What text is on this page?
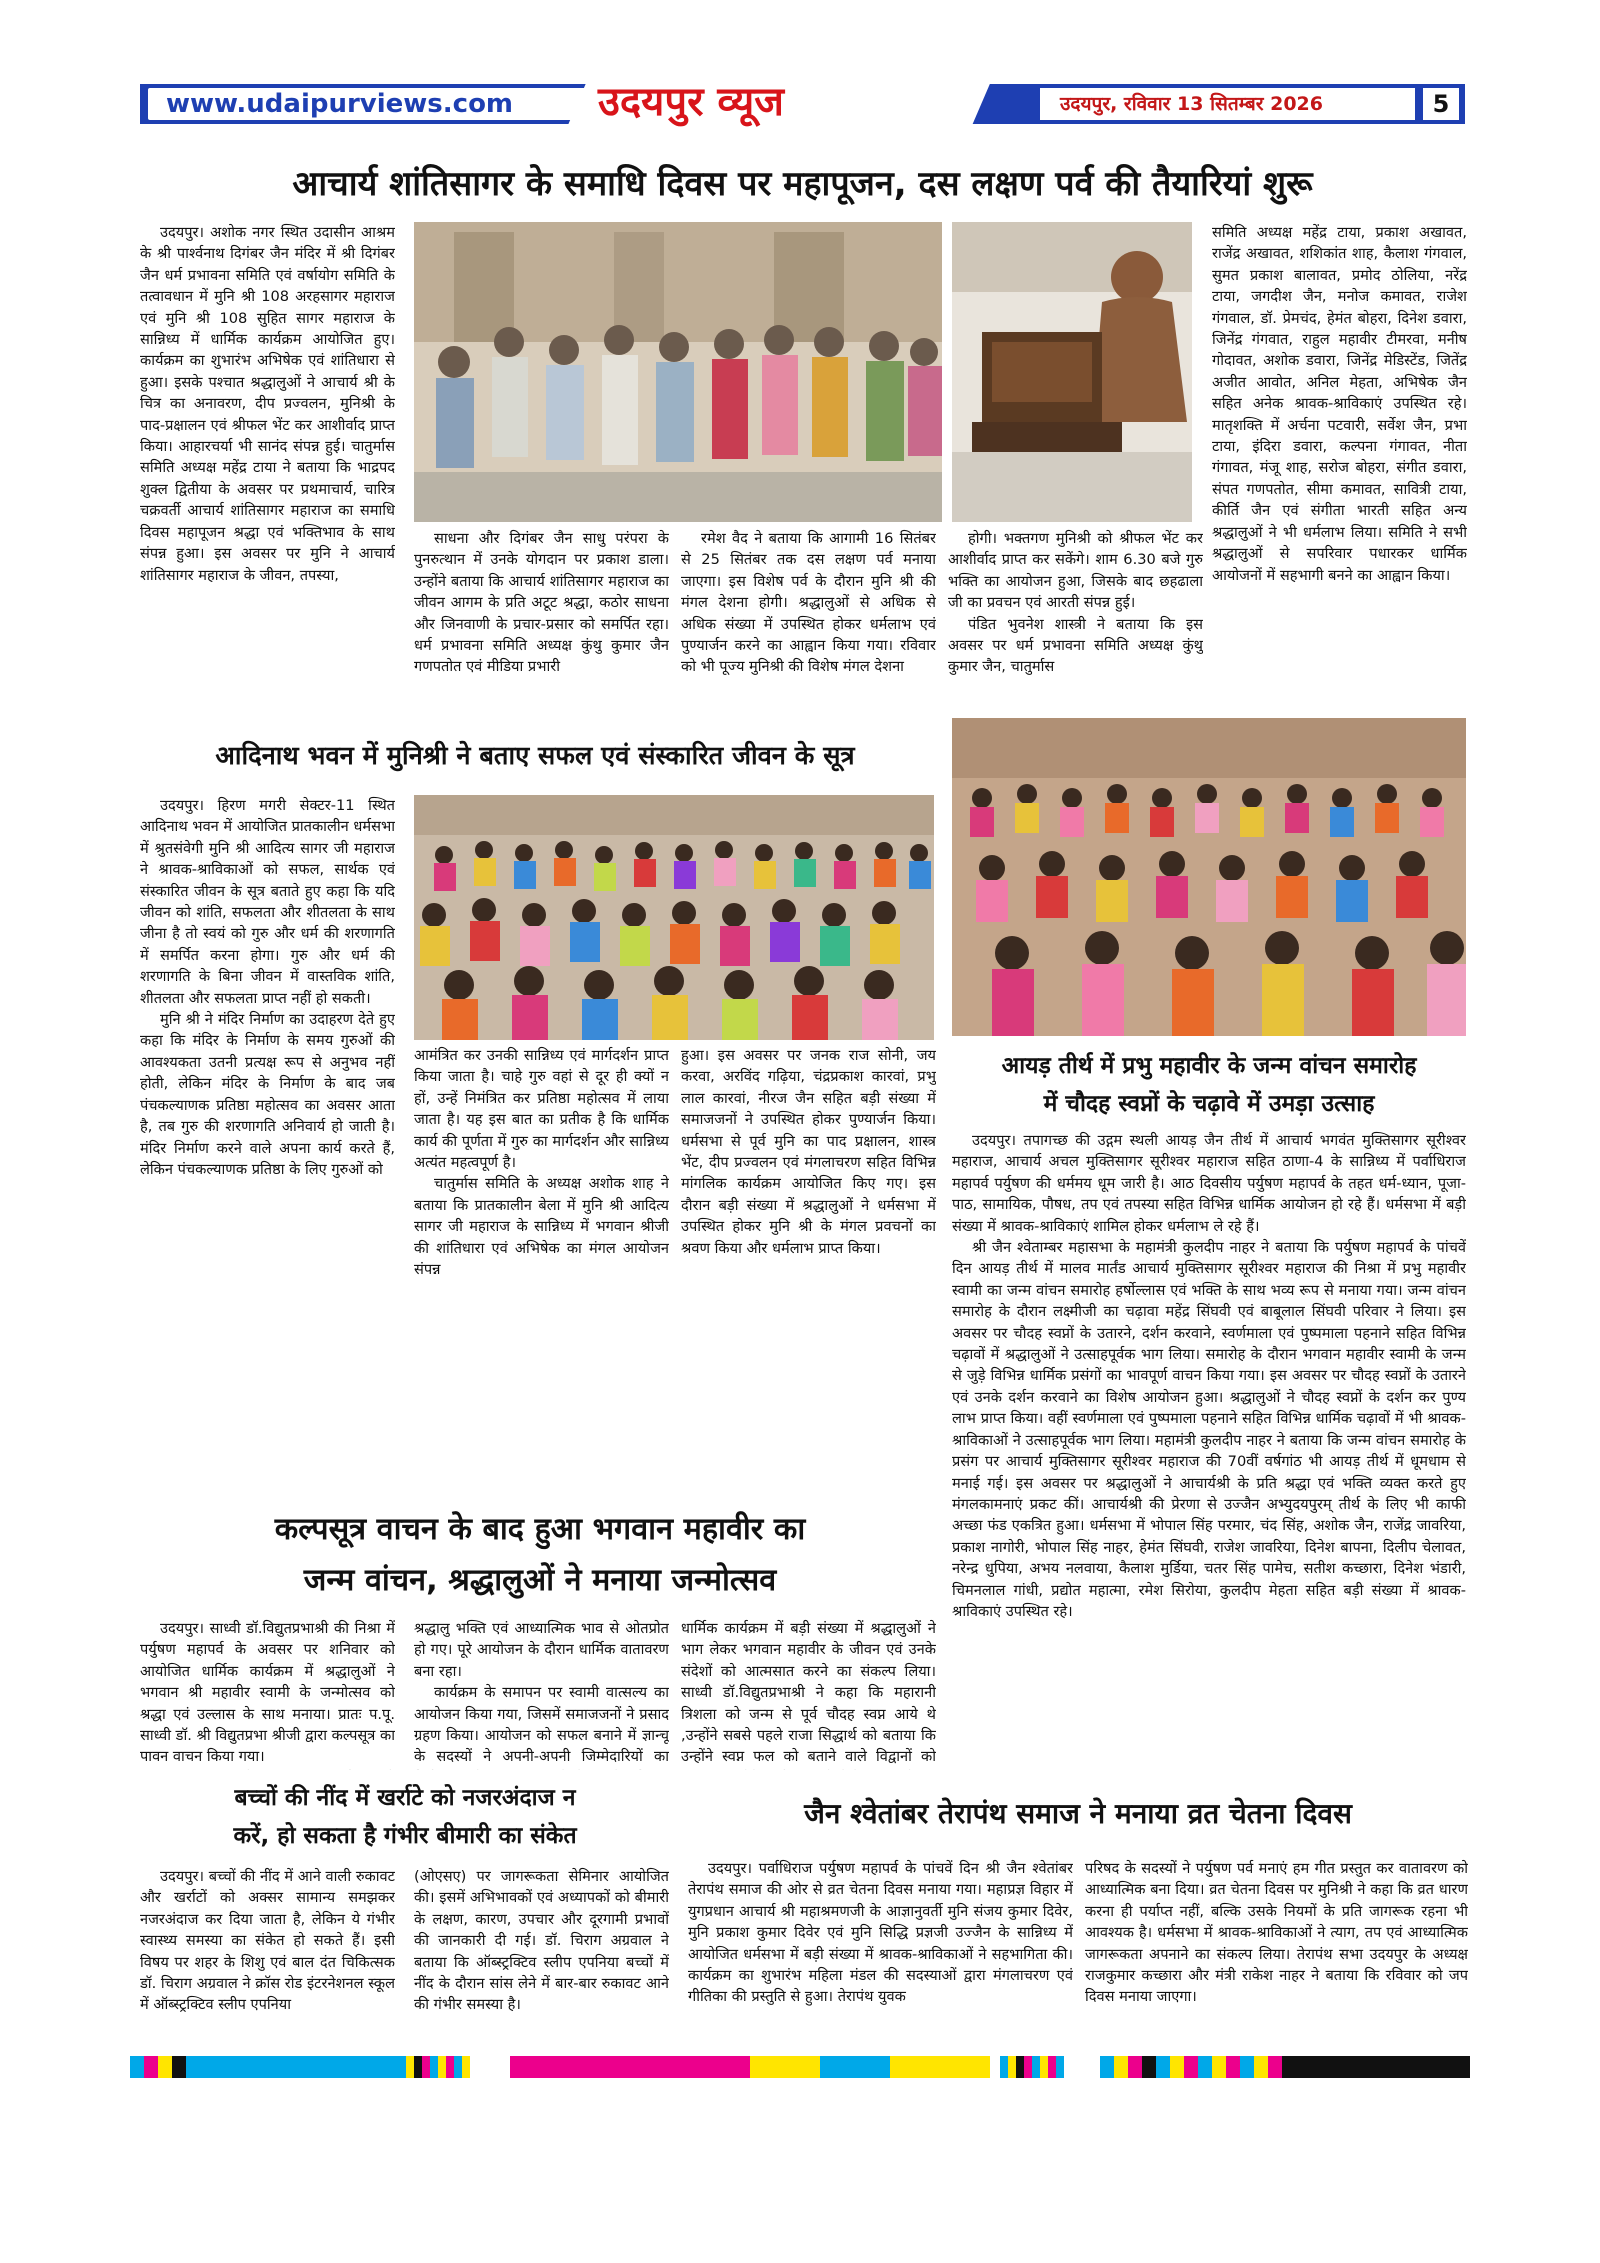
www.udaipurviews.com उदयपुर व्यूज	उदयपुर, रविवार 13 सितम्बर 2026	5
आचार्य शांतिसागर के समाधि दिवस पर महापूजन, दस लक्षण पर्व की तैयारियां शुरू

उदयपुर। अशोक नगर स्थित उदासीन आश्रम के श्री पार्श्वनाथ दिगंबर जैन मंदिर में श्री दिगंबर जैन धर्म प्रभावना समिति एवं वर्षायोग समिति के तत्वावधान में मुनि श्री 108 अरहसागर महाराज एवं मुनि श्री 108 सुहित सागर महाराज के सान्निध्य में धार्मिक कार्यक्रम आयोजित हुए। कार्यक्रम का शुभारंभ अभिषेक एवं शांतिधारा से हुआ। इसके पश्चात श्रद्धालुओं ने आचार्य श्री के चित्र का अनावरण, दीप प्रज्वलन, मुनिश्री के पाद-प्रक्षालन एवं श्रीफल भेंट कर आशीर्वाद प्राप्त किया। आहारचर्या भी सानंद संपन्न हुई। चातुर्मास समिति अध्यक्ष महेंद्र टाया ने बताया कि भाद्रपद शुक्ल द्वितीया के अवसर पर प्रथमाचार्य, चारित्र चक्रवर्ती आचार्य शांतिसागर महाराज का समाधि दिवस महापूजन श्रद्धा एवं भक्तिभाव के साथ संपन्न हुआ। इस अवसर पर मुनि ने आचार्य शांतिसागर महाराज के जीवन, तपस्या,

साधना और दिगंबर जैन साधु परंपरा के पुनरुत्थान में उनके योगदान पर प्रकाश डाला। उन्होंने बताया कि आचार्य शांतिसागर महाराज का जीवन आगम के प्रति अटूट श्रद्धा, कठोर साधना और जिनवाणी के प्रचार-प्रसार को समर्पित रहा। धर्म प्रभावना समिति अध्यक्ष कुंथु कुमार जैन गणपतोत एवं मीडिया प्रभारी

रमेश वैद ने बताया कि आगामी 16 सितंबर से 25 सितंबर तक दस लक्षण पर्व मनाया जाएगा। इस विशेष पर्व के दौरान मुनि श्री की मंगल देशना होगी। श्रद्धालुओं से अधिक से अधिक संख्या में उपस्थित होकर धर्मलाभ एवं पुण्यार्जन करने का आह्वान किया गया। रविवार को भी पूज्य मुनिश्री की विशेष मंगल देशना

होगी। भक्तगण मुनिश्री को श्रीफल भेंट कर आशीर्वाद प्राप्त कर सकेंगे। शाम 6.30 बजे गुरु भक्ति का आयोजन हुआ, जिसके बाद छहढाला जी का प्रवचन एवं आरती संपन्न हुई।

पंडित भुवनेश शास्त्री ने बताया कि इस अवसर पर धर्म प्रभावना समिति अध्यक्ष कुंथु कुमार जैन, चातुर्मास

समिति अध्यक्ष महेंद्र टाया, प्रकाश अखावत, राजेंद्र अखावत, शशिकांत शाह, कैलाश गंगवाल, सुमत प्रकाश बालावत, प्रमोद ठोलिया, नरेंद्र टाया, जगदीश जैन, मनोज कमावत, राजेश गंगवाल, डॉ. प्रेमचंद, हेमंत बोहरा, दिनेश डवारा, जिनेंद्र गंगवात, राहुल महावीर टीमरवा, मनीष गोदावत, अशोक डवारा, जिनेंद्र मेडिस्टेंड, जितेंद्र अजीत आवोत, अनिल मेहता, अभिषेक जैन सहित अनेक श्रावक-श्राविकाएं उपस्थित रहे। मातृशक्ति में अर्चना पटवारी, सर्वेश जैन, प्रभा टाया, इंदिरा डवारा, कल्पना गंगावत, नीता गंगावत, मंजू शाह, सरोज बोहरा, संगीत डवारा, संपत गणपतोत, सीमा कमावत, सावित्री टाया, कीर्ति जैन एवं संगीता भारती सहित अन्य श्रद्धालुओं ने भी धर्मलाभ लिया। समिति ने सभी श्रद्धालुओं से सपरिवार पधारकर धार्मिक आयोजनों में सहभागी बनने का आह्वान किया।

आदिनाथ भवन में मुनिश्री ने बताए सफल एवं संस्कारित जीवन के सूत्र

उदयपुर। हिरण मगरी सेक्टर-11 स्थित आदिनाथ भवन में आयोजित प्रातकालीन धर्मसभा में श्रुतसंवेगी मुनि श्री आदित्य सागर जी महाराज ने श्रावक-श्राविकाओं को सफल, सार्थक एवं संस्कारित जीवन के सूत्र बताते हुए कहा कि यदि जीवन को शांति, सफलता और शीतलता के साथ जीना है तो स्वयं को गुरु और धर्म की शरणागति में समर्पित करना होगा। गुरु और धर्म की शरणागति के बिना जीवन में वास्तविक शांति, शीतलता और सफलता प्राप्त नहीं हो सकती।

मुनि श्री ने मंदिर निर्माण का उदाहरण देते हुए कहा कि मंदिर के निर्माण के समय गुरुओं की आवश्यकता उतनी प्रत्यक्ष रूप से अनुभव नहीं होती, लेकिन मंदिर के निर्माण के बाद जब पंचकल्याणक प्रतिष्ठा महोत्सव का अवसर आता है, तब गुरु की शरणागति अनिवार्य हो जाती है। मंदिर निर्माण करने वाले अपना कार्य करते हैं, लेकिन पंचकल्याणक प्रतिष्ठा के लिए गुरुओं को

आमंत्रित कर उनकी सान्निध्य एवं मार्गदर्शन प्राप्त किया जाता है। चाहे गुरु वहां से दूर ही क्यों न हों, उन्हें निमंत्रित कर प्रतिष्ठा महोत्सव में लाया जाता है। यह इस बात का प्रतीक है कि धार्मिक कार्य की पूर्णता में गुरु का मार्गदर्शन और सान्निध्य अत्यंत महत्वपूर्ण है।

चातुर्मास समिति के अध्यक्ष अशोक शाह ने बताया कि प्रातकालीन बेला में मुनि श्री आदित्य सागर जी महाराज के सान्निध्य में भगवान श्रीजी की शांतिधारा एवं अभिषेक का मंगल आयोजन संपन्न

हुआ। इस अवसर पर जनक राज सोनी, जय करवा, अरविंद गढ़िया, चंद्रप्रकाश कारवां, प्रभु लाल कारवां, नीरज जैन सहित बड़ी संख्या में समाजजनों ने उपस्थित होकर पुण्यार्जन किया। धर्मसभा से पूर्व मुनि का पाद प्रक्षालन, शास्त्र भेंट, दीप प्रज्वलन एवं मंगलाचरण सहित विभिन्न मांगलिक कार्यक्रम आयोजित किए गए। इस दौरान बड़ी संख्या में श्रद्धालुओं ने धर्मसभा में उपस्थित होकर मुनि श्री के मंगल प्रवचनों का श्रवण किया और धर्मलाभ प्राप्त किया।

आयड़ तीर्थ में प्रभु महावीर के जन्म वांचन समारोह
में चौदह स्वप्नों के चढ़ावे में उमड़ा उत्साह

उदयपुर। तपागच्छ की उद्गम स्थली आयड़ जैन तीर्थ में आचार्य भगवंत मुक्तिसागर सूरीश्वर महाराज, आचार्य अचल मुक्तिसागर सूरीश्वर महाराज सहित ठाणा-4 के सान्निध्य में पर्वाधिराज महापर्व पर्युषण की धर्ममय धूम जारी है। आठ दिवसीय पर्युषण महापर्व के तहत धर्म-ध्यान, पूजा-पाठ, सामायिक, पौषध, तप एवं तपस्या सहित विभिन्न धार्मिक आयोजन हो रहे हैं। धर्मसभा में बड़ी संख्या में श्रावक-श्राविकाएं शामिल होकर धर्मलाभ ले रहे हैं।

श्री जैन श्वेताम्बर महासभा के महामंत्री कुलदीप नाहर ने बताया कि पर्युषण महापर्व के पांचवें दिन आयड़ तीर्थ में मालव मार्तंड आचार्य मुक्तिसागर सूरीश्वर महाराज की निश्रा में प्रभु महावीर स्वामी का जन्म वांचन समारोह हर्षोल्लास एवं भक्ति के साथ भव्य रूप से मनाया गया। जन्म वांचन समारोह के दौरान लक्ष्मीजी का चढ़ावा महेंद्र सिंघवी एवं बाबूलाल सिंघवी परिवार ने लिया। इस अवसर पर चौदह स्वप्नों के उतारने, दर्शन करवाने, स्वर्णमाला एवं पुष्पमाला पहनाने सहित विभिन्न चढ़ावों में श्रद्धालुओं ने उत्साहपूर्वक भाग लिया। समारोह के दौरान भगवान महावीर स्वामी के जन्म से जुड़े विभिन्न धार्मिक प्रसंगों का भावपूर्ण वाचन किया गया। इस अवसर पर चौदह स्वप्नों के उतारने एवं उनके दर्शन करवाने का विशेष आयोजन हुआ। श्रद्धालुओं ने चौदह स्वप्नों के दर्शन कर पुण्य लाभ प्राप्त किया। वहीं स्वर्णमाला एवं पुष्पमाला पहनाने सहित विभिन्न धार्मिक चढ़ावों में भी श्रावक-श्राविकाओं ने उत्साहपूर्वक भाग लिया। महामंत्री कुलदीप नाहर ने बताया कि जन्म वांचन समारोह के प्रसंग पर आचार्य मुक्तिसागर सूरीश्वर महाराज की 70वीं वर्षगांठ भी आयड़ तीर्थ में धूमधाम से मनाई गई। इस अवसर पर श्रद्धालुओं ने आचार्यश्री के प्रति श्रद्धा एवं भक्ति व्यक्त करते हुए मंगलकामनाएं प्रकट कीं। आचार्यश्री की प्रेरणा से उज्जैन अभ्युदयपुरम् तीर्थ के लिए भी काफी अच्छा फंड एकत्रित हुआ। धर्मसभा में भोपाल सिंह परमार, चंद सिंह, अशोक जैन, राजेंद्र जावरिया, प्रकाश नागोरी, भोपाल सिंह नाहर, हेमंत सिंघवी, राजेश जावरिया, दिनेश बापना, दिलीप चेलावत, नरेन्द्र धुपिया, अभय नलवाया, कैलाश मुर्डिया, चतर सिंह पामेच, सतीश कच्छारा, दिनेश भंडारी, चिमनलाल गांधी, प्रद्योत महात्मा, रमेश सिरोया, कुलदीप मेहता सहित बड़ी संख्या में श्रावक-श्राविकाएं उपस्थित रहे।

कल्पसूत्र वाचन के बाद हुआ भगवान महावीर का
जन्म वांचन, श्रद्धालुओं ने मनाया जन्मोत्सव

उदयपुर। साध्वी डॉ.विद्युतप्रभाश्री की निश्रा में पर्युषण महापर्व के अवसर पर शनिवार को आयोजित धार्मिक कार्यक्रम में श्रद्धालुओं ने भगवान श्री महावीर स्वामी के जन्मोत्सव को श्रद्धा एवं उल्लास के साथ मनाया। प्रातः प.पू. साध्वी डॉ. श्री विद्युतप्रभा श्रीजी द्वारा कल्पसूत्र का पावन वाचन किया गया।

श्रद्धालु भक्ति एवं आध्यात्मिक भाव से ओतप्रोत हो गए। पूरे आयोजन के दौरान धार्मिक वातावरण बना रहा।

कार्यक्रम के समापन पर स्वामी वात्सल्य का आयोजन किया गया, जिसमें समाजजनों ने प्रसाद ग्रहण किया। आयोजन को सफल बनाने में ज्ञान्चू के सदस्यों ने अपनी-अपनी जिम्मेदारियों का

धार्मिक कार्यक्रम में बड़ी संख्या में श्रद्धालुओं ने भाग लेकर भगवान महावीर के जीवन एवं उनके संदेशों को आत्मसात करने का संकल्प लिया। साध्वी डॉ.विद्युतप्रभाश्री ने कहा कि महारानी त्रिशला को जन्म से पूर्व चौदह स्वप्न आये थे ,उन्होंने सबसे पहले राजा सिद्धार्थ को बताया कि उन्होंने स्वप्न फल को बताने वाले विद्वानों को

बच्चों की नींद में खर्राटे को नजरअंदाज न
करें, हो सकता है गंभीर बीमारी का संकेत

उदयपुर। बच्चों की नींद में आने वाली रुकावट और खर्राटों को अक्सर सामान्य समझकर नजरअंदाज कर दिया जाता है, लेकिन ये गंभीर स्वास्थ्य समस्या का संकेत हो सकते हैं। इसी विषय पर शहर के शिशु एवं बाल दंत चिकित्सक डॉ. चिराग अग्रवाल ने क्रॉस रोड इंटरनेशनल स्कूल में ऑब्स्ट्रक्टिव स्लीप एपनिया

(ओएसए) पर जागरूकता सेमिनार आयोजित की। इसमें अभिभावकों एवं अध्यापकों को बीमारी के लक्षण, कारण, उपचार और दूरगामी प्रभावों की जानकारी दी गई। डॉ. चिराग अग्रवाल ने बताया कि ऑब्स्ट्रक्टिव स्लीप एपनिया बच्चों में नींद के दौरान सांस लेने में बार-बार रुकावट आने की गंभीर समस्या है।

जैन श्वेतांबर तेरापंथ समाज ने मनाया व्रत चेतना दिवस

उदयपुर। पर्वाधिराज पर्युषण महापर्व के पांचवें दिन श्री जैन श्वेतांबर तेरापंथ समाज की ओर से व्रत चेतना दिवस मनाया गया। महाप्रज्ञ विहार में युगप्रधान आचार्य श्री महाश्रमणजी के आज्ञानुवर्ती मुनि संजय कुमार दिवेर, मुनि प्रकाश कुमार दिवेर एवं मुनि सिद्धि प्रज्ञजी उज्जैन के सान्निध्य में आयोजित धर्मसभा में बड़ी संख्या में श्रावक-श्राविकाओं ने सहभागिता की। कार्यक्रम का शुभारंभ महिला मंडल की सदस्याओं द्वारा मंगलाचरण एवं गीतिका की प्रस्तुति से हुआ। तेरापंथ युवक

परिषद के सदस्यों ने पर्युषण पर्व मनाएं हम गीत प्रस्तुत कर वातावरण को आध्यात्मिक बना दिया। व्रत चेतना दिवस पर मुनिश्री ने कहा कि व्रत धारण करना ही पर्याप्त नहीं, बल्कि उसके नियमों के प्रति जागरूक रहना भी आवश्यक है। धर्मसभा में श्रावक-श्राविकाओं ने त्याग, तप एवं आध्यात्मिक जागरूकता अपनाने का संकल्प लिया। तेरापंथ सभा उदयपुर के अध्यक्ष राजकुमार कच्छारा और मंत्री राकेश नाहर ने बताया कि रविवार को जप दिवस मनाया जाएगा।
